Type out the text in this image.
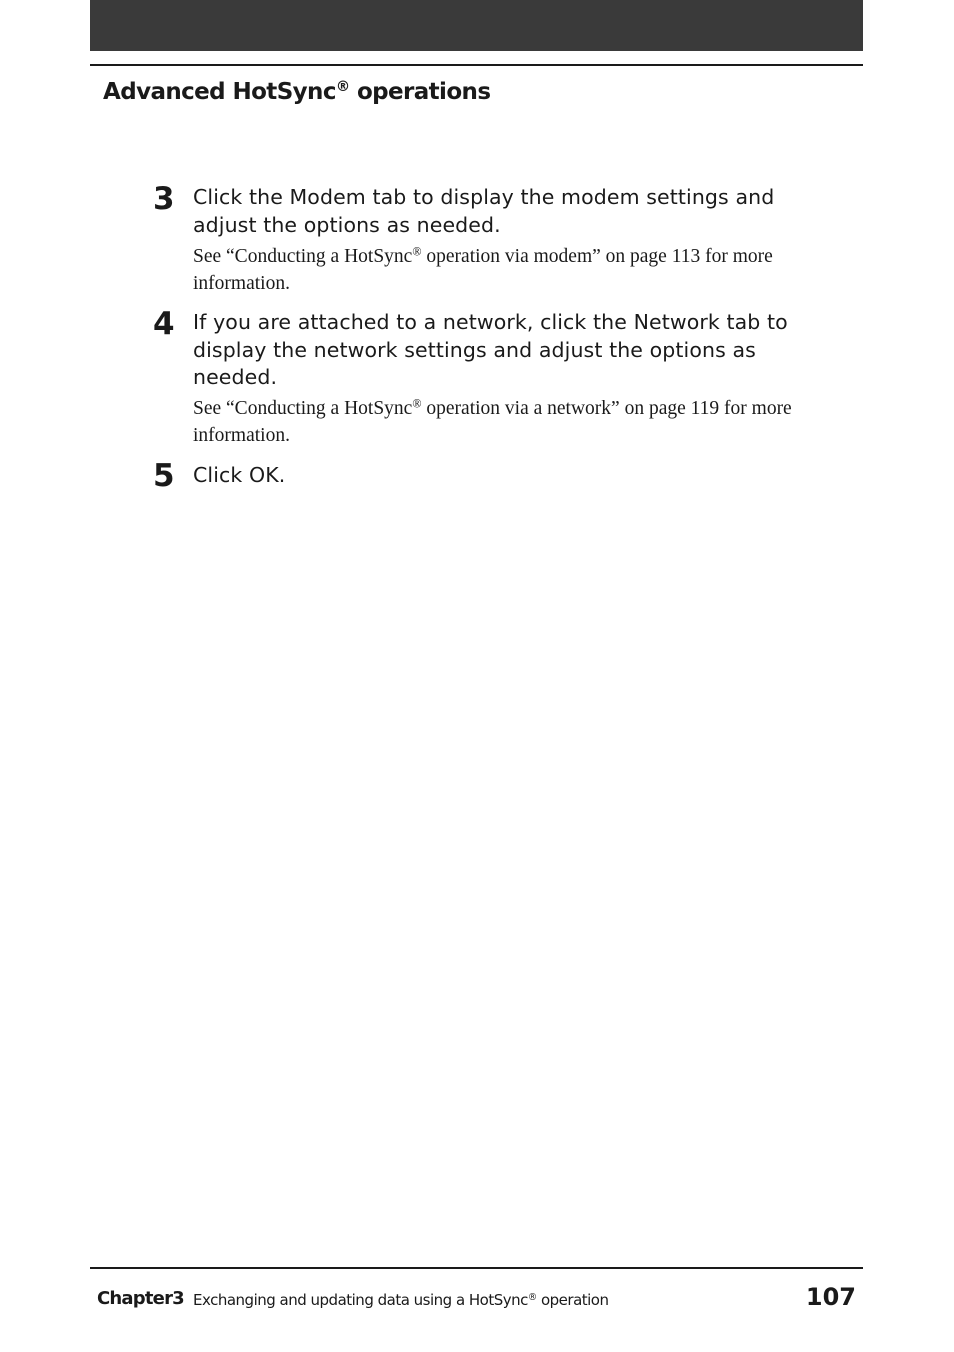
Advanced HotSync® operations
3 Click the Modem tab to display the modem settings and adjust the options as needed.
See “Conducting a HotSync® operation via modem” on page 113 for more information.
4 If you are attached to a network, click the Network tab to display the network settings and adjust the options as needed.
See “Conducting a HotSync® operation via a network” on page 119 for more information.
5 Click OK.
Chapter3 Exchanging and updating data using a HotSync® operation	107
